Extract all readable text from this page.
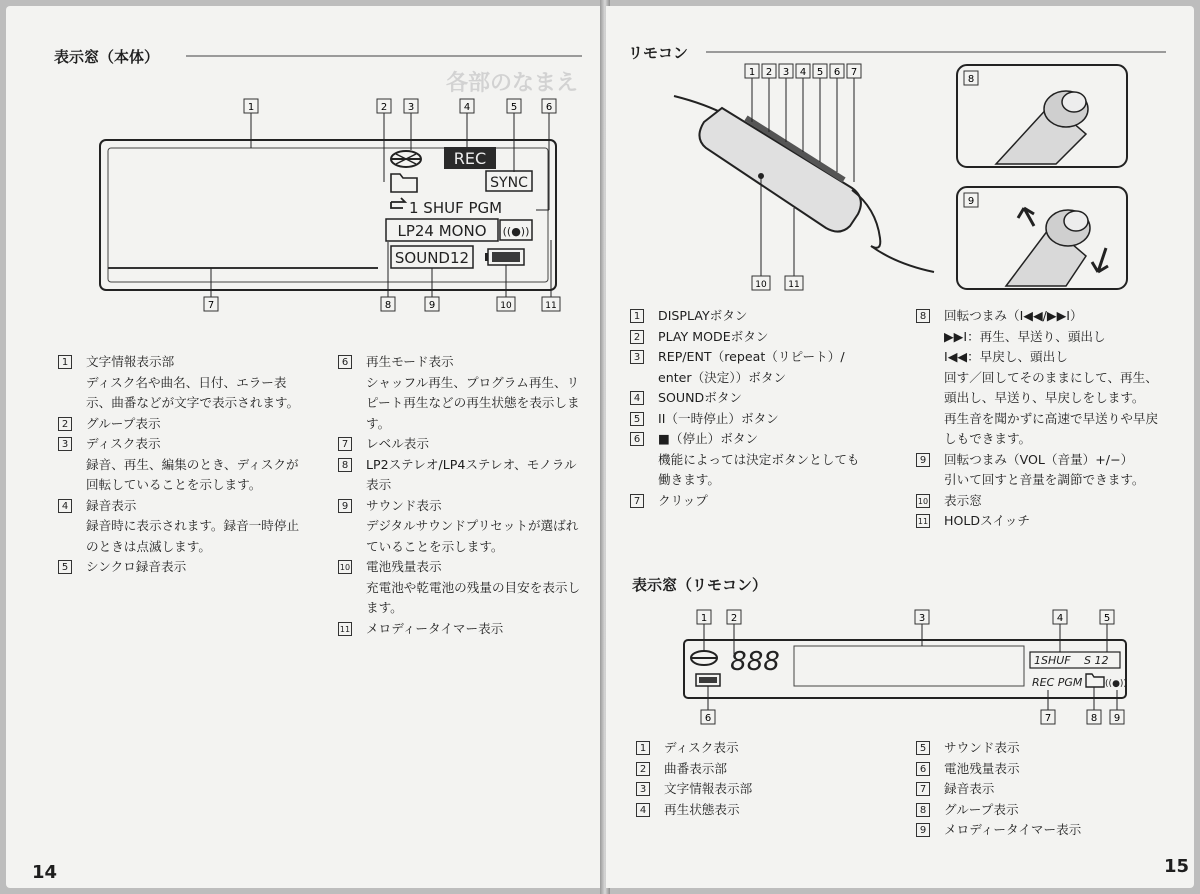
各部のなまえ
表示窓（本体）
REC
SYNC
1 SHUF PGM
LP24 MONO ((●))
SOUND12
1	2 3	4	5	6
7	8	9	10	11
1	文字情報表示部
ディスク名や曲名、日付、エラー表示、曲番などが文字で表示されます。
2	グループ表示
3	ディスク表示
録音、再生、編集のとき、ディスクが回転していることを示します。
4	録音表示
録音時に表示されます。録音一時停止のときは点滅します。
5	シンクロ録音表示
6	再生モード表示
シャッフル再生、プログラム再生、リピート再生などの再生状態を表示します。
7	レベル表示
8	LP2ステレオ/LP4ステレオ、モノラル表示
9	サウンド表示
デジタルサウンドプリセットが選ばれていることを示します。
10 電池残量表示
充電池や乾電池の残量の目安を表示します。
11 メロディータイマー表示
14
リモコン
1 2 3 4 5 6 7
10 11
8
9
1	DISPLAYボタン
2	PLAY MODEボタン
3	REP/ENT（repeat（リピート）/ enter（決定））ボタン
4	SOUNDボタン
5	II（一時停止）ボタン
6	■（停止）ボタン
機能によっては決定ボタンとしても働きます。
7	クリップ
8	回転つまみ（I◀◀/▶▶I）
▶▶I：再生、早送り、頭出し
I◀◀：早戻し、頭出し
回す／回してそのままにして、再生、頭出し、早送り、早戻しをします。
再生音を聞かずに高速で早送りや早戻しもできます。
9	回転つまみ（VOL（音量）+/−）
引いて回すと音量を調節できます。
10 表示窓
11 HOLDスイッチ
表示窓（リモコン）
888	1SHUF S 12
REC PGM	((●))
1 2	3	4	5
6	7	8 9
1	ディスク表示
2	曲番表示部
3	文字情報表示部
4	再生状態表示
5	サウンド表示
6	電池残量表示
7	録音表示
8	グループ表示
9	メロディータイマー表示
15
